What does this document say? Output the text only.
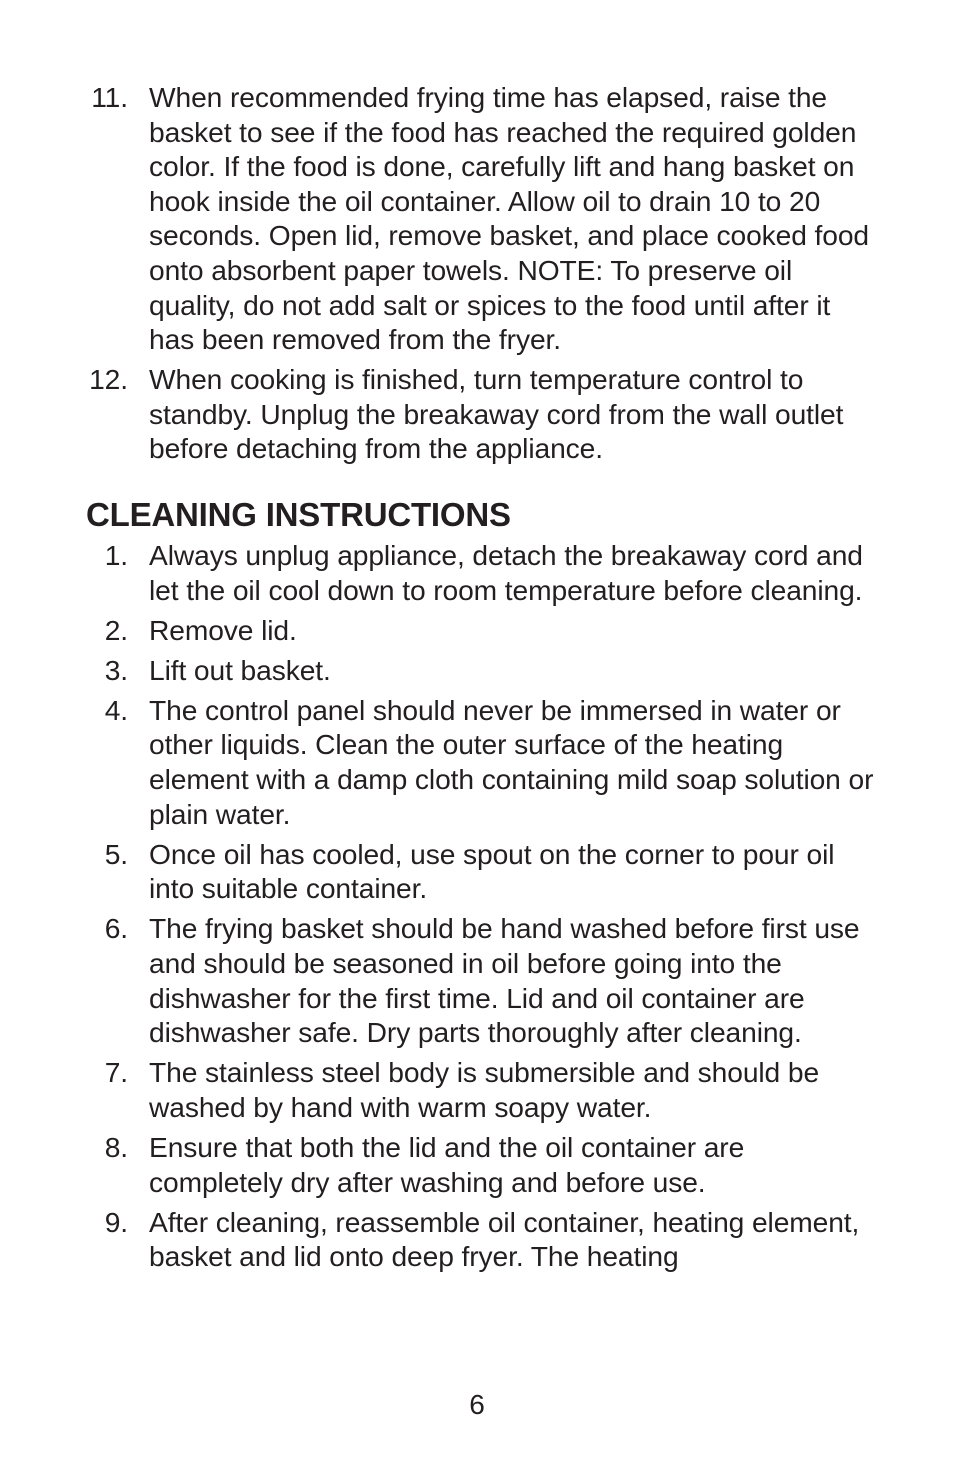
11. When recommended frying time has elapsed, raise the basket to see if the food has reached the required golden color. If the food is done, carefully lift and hang basket on hook inside the oil container. Allow oil to drain 10 to 20 seconds. Open lid, remove basket, and place cooked food onto absorbent paper towels. NOTE: To preserve oil quality, do not add salt or spices to the food until after it has been removed from the fryer.
12. When cooking is finished, turn temperature control to standby. Unplug the breakaway cord from the wall outlet before detaching from the appliance.
CLEANING INSTRUCTIONS
1. Always unplug appliance, detach the breakaway cord and let the oil cool down to room temperature before cleaning.
2. Remove lid.
3. Lift out basket.
4. The control panel should never be immersed in water or other liquids. Clean the outer surface of the heating element with a damp cloth containing mild soap solution or plain water.
5. Once oil has cooled, use spout on the corner to pour oil into suitable container.
6. The frying basket should be hand washed before first use and should be seasoned in oil before going into the dishwasher for the first time. Lid and oil container are dishwasher safe. Dry parts thoroughly after cleaning.
7. The stainless steel body is submersible and should be washed by hand with warm soapy water.
8. Ensure that both the lid and the oil container are completely dry after washing and before use.
9. After cleaning, reassemble oil container, heating element, basket and lid onto deep fryer. The heating
6
